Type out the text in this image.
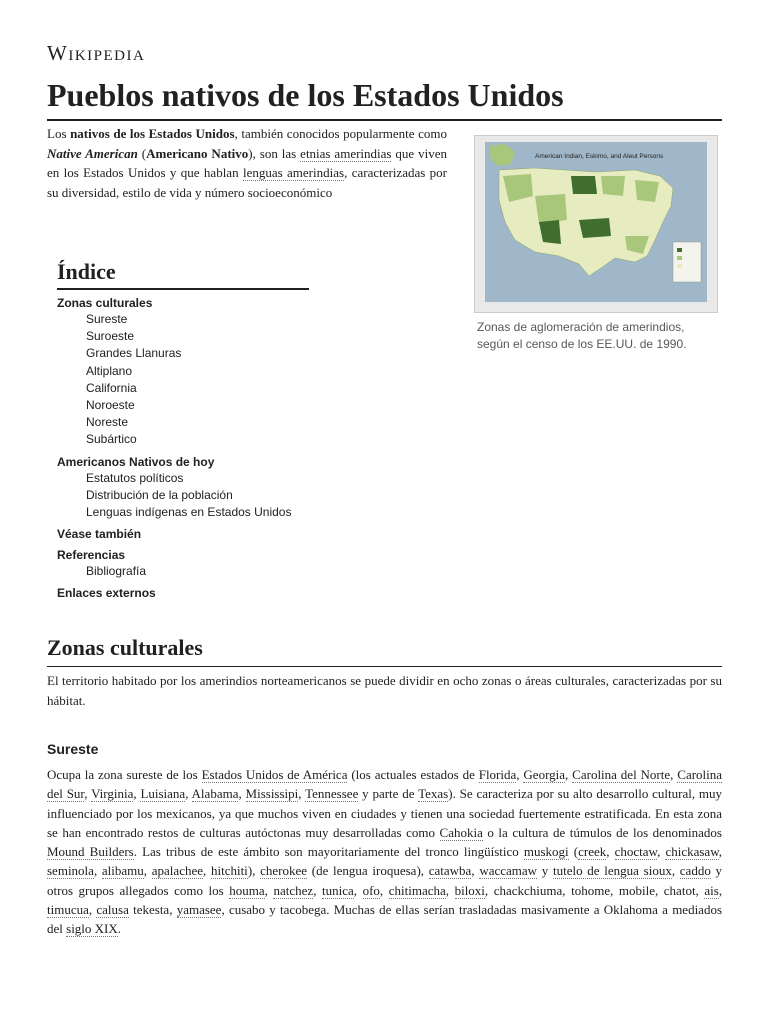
Wikipedia
Pueblos nativos de los Estados Unidos

Los nativos de los Estados Unidos, también conocidos popularmente como Native American (Americano Nativo), son las etnias amerindias que viven en los Estados Unidos y que hablan lenguas amerindias, caracterizadas por su diversidad, estilo de vida y número socioeconómico

American Indian, Eskimo, and Aleut Persons
Zonas de aglomeración de amerindios, según el censo de los EE.UU. de 1990.
Índice
Zonas culturales
Sureste
Suroeste
Grandes Llanuras
Altiplano
California
Noroeste
Noreste
Subártico
Americanos Nativos de hoy
Estatutos políticos
Distribución de la población
Lenguas indígenas en Estados Unidos
Véase también
Referencias
Bibliografía
Enlaces externos
Zonas culturales

El territorio habitado por los amerindios norteamericanos se puede dividir en ocho zonas o áreas culturales, caracterizadas por su hábitat.

Sureste

Ocupa la zona sureste de los Estados Unidos de América (los actuales estados de Florida, Georgia, Carolina del Norte, Carolina del Sur, Virginia, Luisiana, Alabama, Mississipi, Tennessee y parte de Texas). Se caracteriza por su alto desarrollo cultural, muy influenciado por los mexicanos, ya que muchos viven en ciudades y tienen una sociedad fuertemente estratificada. En esta zona se han encontrado restos de culturas autóctonas muy desarrolladas como Cahokia o la cultura de túmulos de los denominados Mound Builders. Las tribus de este ámbito son mayoritariamente del tronco lingüístico muskogi (creek, choctaw, chickasaw, seminola, alibamu, apalachee, hitchiti), cherokee (de lengua iroquesa), catawba, waccamaw y tutelo de lengua sioux, caddo y otros grupos allegados como los houma, natchez, tunica, ofo, chitimacha, biloxi, chackchiuma, tohome, mobile, chatot, ais, timucua, calusa tekesta, yamasee, cusabo y tacobega. Muchas de ellas serían trasladadas masivamente a Oklahoma a mediados del siglo XIX.
